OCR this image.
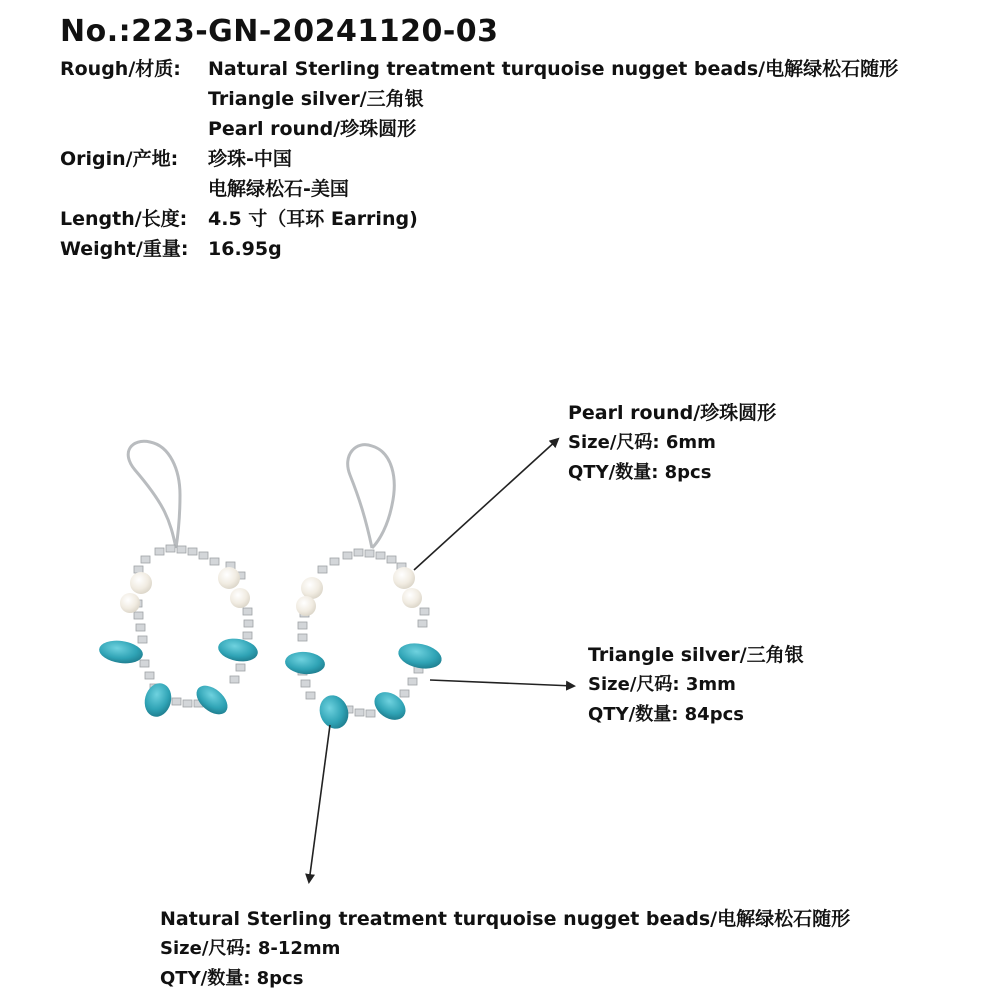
No.:223-GN-20241120-03
Rough/材质:	Natural Sterling treatment turquoise nugget beads/电解绿松石随形
Triangle silver/三角银
Pearl round/珍珠圆形
Origin/产地:	珍珠-中国
电解绿松石-美国
Length/长度:	4.5 寸（耳环 Earring)
Weight/重量:	16.95g
Pearl round/珍珠圆形
Size/尺码: 6mm
QTY/数量: 8pcs
Triangle silver/三角银
Size/尺码: 3mm
QTY/数量: 84pcs
Natural Sterling treatment turquoise nugget beads/电解绿松石随形
Size/尺码: 8-12mm
QTY/数量: 8pcs
